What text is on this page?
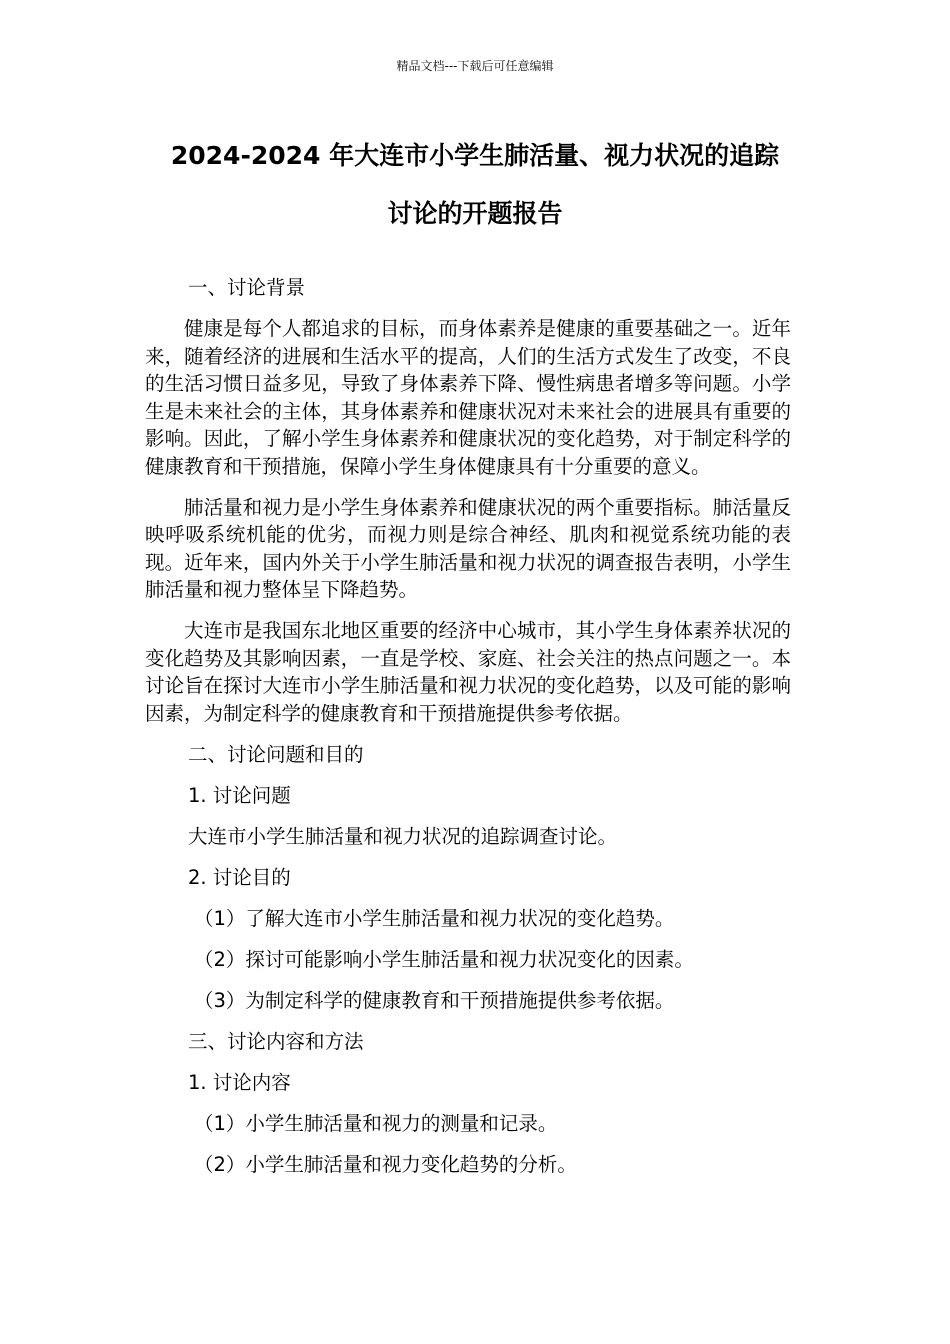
精品文档---下载后可任意编辑
2024-2024 年大连市小学生肺活量、视力状况的追踪
讨论的开题报告

一、讨论背景

健康是每个人都追求的目标，而身体素养是健康的重要基础之一。近年来，随着经济的进展和生活水平的提高，人们的生活方式发生了改变，不良的生活习惯日益多见，导致了身体素养下降、慢性病患者增多等问题。小学生是未来社会的主体，其身体素养和健康状况对未来社会的进展具有重要的影响。因此，了解小学生身体素养和健康状况的变化趋势，对于制定科学的健康教育和干预措施，保障小学生身体健康具有十分重要的意义。

肺活量和视力是小学生身体素养和健康状况的两个重要指标。肺活量反映呼吸系统机能的优劣，而视力则是综合神经、肌肉和视觉系统功能的表现。近年来，国内外关于小学生肺活量和视力状况的调查报告表明，小学生肺活量和视力整体呈下降趋势。

大连市是我国东北地区重要的经济中心城市，其小学生身体素养状况的变化趋势及其影响因素，一直是学校、家庭、社会关注的热点问题之一。本讨论旨在探讨大连市小学生肺活量和视力状况的变化趋势，以及可能的影响因素，为制定科学的健康教育和干预措施提供参考依据。

二、讨论问题和目的

1. 讨论问题

大连市小学生肺活量和视力状况的追踪调查讨论。

2. 讨论目的

（1）了解大连市小学生肺活量和视力状况的变化趋势。

（2）探讨可能影响小学生肺活量和视力状况变化的因素。

（3）为制定科学的健康教育和干预措施提供参考依据。

三、讨论内容和方法

1. 讨论内容

（1）小学生肺活量和视力的测量和记录。

（2）小学生肺活量和视力变化趋势的分析。
